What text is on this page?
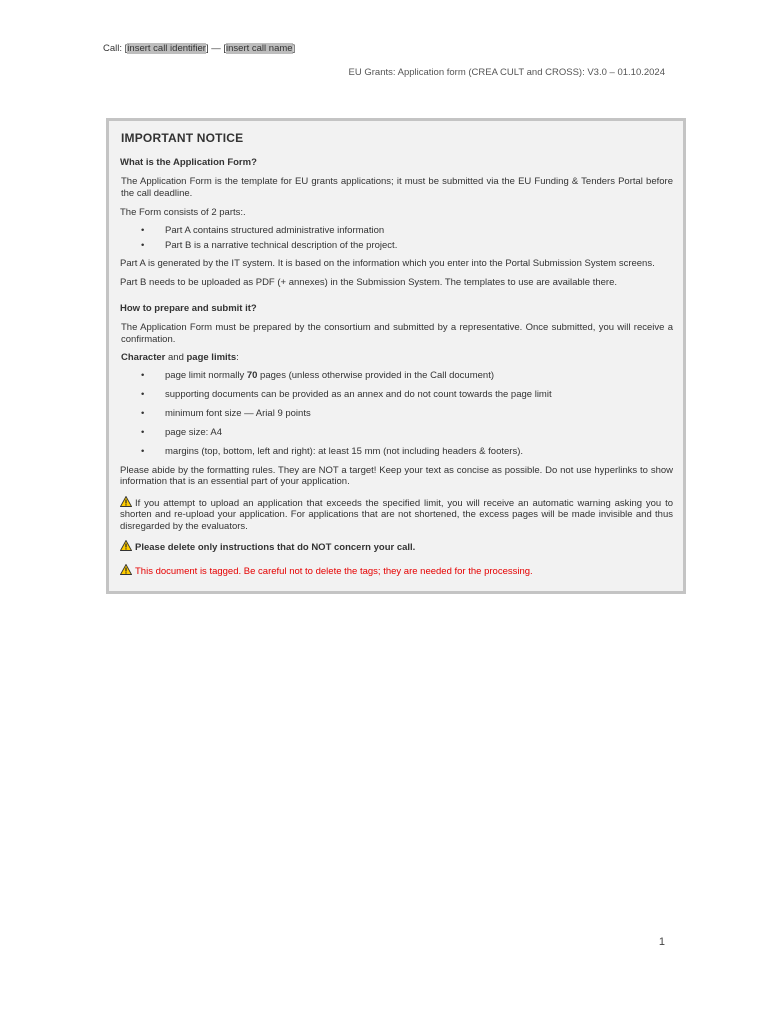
Call: [insert call identifier] — [insert call name]
EU Grants: Application form (CREA CULT and CROSS): V3.0 – 01.10.2024
IMPORTANT NOTICE
What is the Application Form?
The Application Form is the template for EU grants applications; it must be submitted via the EU Funding & Tenders Portal before the call deadline.
The Form consists of 2 parts:.
• Part A contains structured administrative information
• Part B is a narrative technical description of the project.
Part A is generated by the IT system. It is based on the information which you enter into the Portal Submission System screens.
Part B needs to be uploaded as PDF (+ annexes) in the Submission System. The templates to use are available there.
How to prepare and submit it?
The Application Form must be prepared by the consortium and submitted by a representative. Once submitted, you will receive a confirmation.
Character and page limits:
• page limit normally 70 pages (unless otherwise provided in the Call document)
• supporting documents can be provided as an annex and do not count towards the page limit
• minimum font size — Arial 9 points
• page size: A4
• margins (top, bottom, left and right): at least 15 mm (not including headers & footers).
Please abide by the formatting rules. They are NOT a target! Keep your text as concise as possible. Do not use hyperlinks to show information that is an essential part of your application.
If you attempt to upload an application that exceeds the specified limit, you will receive an automatic warning asking you to shorten and re-upload your application. For applications that are not shortened, the excess pages will be made invisible and thus disregarded by the evaluators.
Please delete only instructions that do NOT concern your call.
This document is tagged. Be careful not to delete the tags; they are needed for the processing.
1
